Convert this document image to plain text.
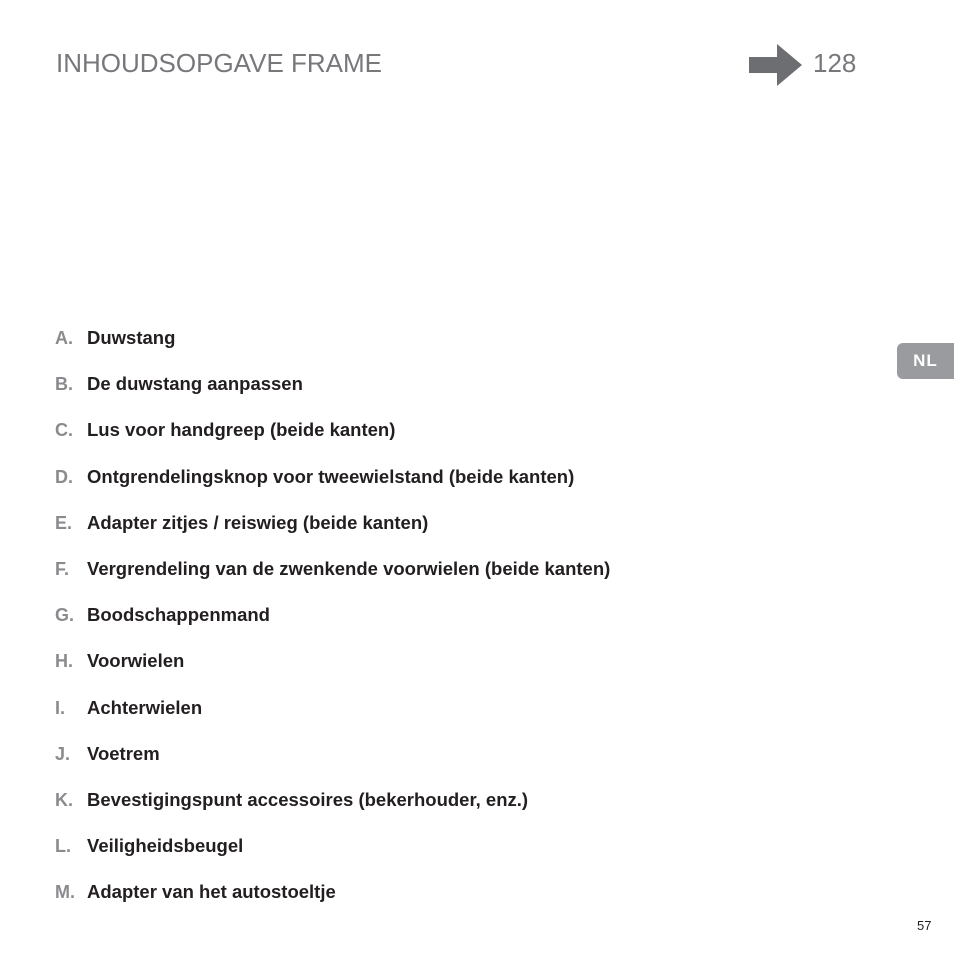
INHOUDSOPGAVE FRAME	128
NL
A. Duwstang
B. De duwstang aanpassen
C. Lus voor handgreep (beide kanten)
D. Ontgrendelingsknop voor tweewielstand (beide kanten)
E. Adapter zitjes / reiswieg (beide kanten)
F. Vergrendeling van de zwenkende voorwielen (beide kanten)
G. Boodschappenmand
H. Voorwielen
I.	Achterwielen
J. Voetrem
K. Bevestigingspunt accessoires (bekerhouder, enz.)
L. Veiligheidsbeugel
M. Adapter van het autostoeltje
57
